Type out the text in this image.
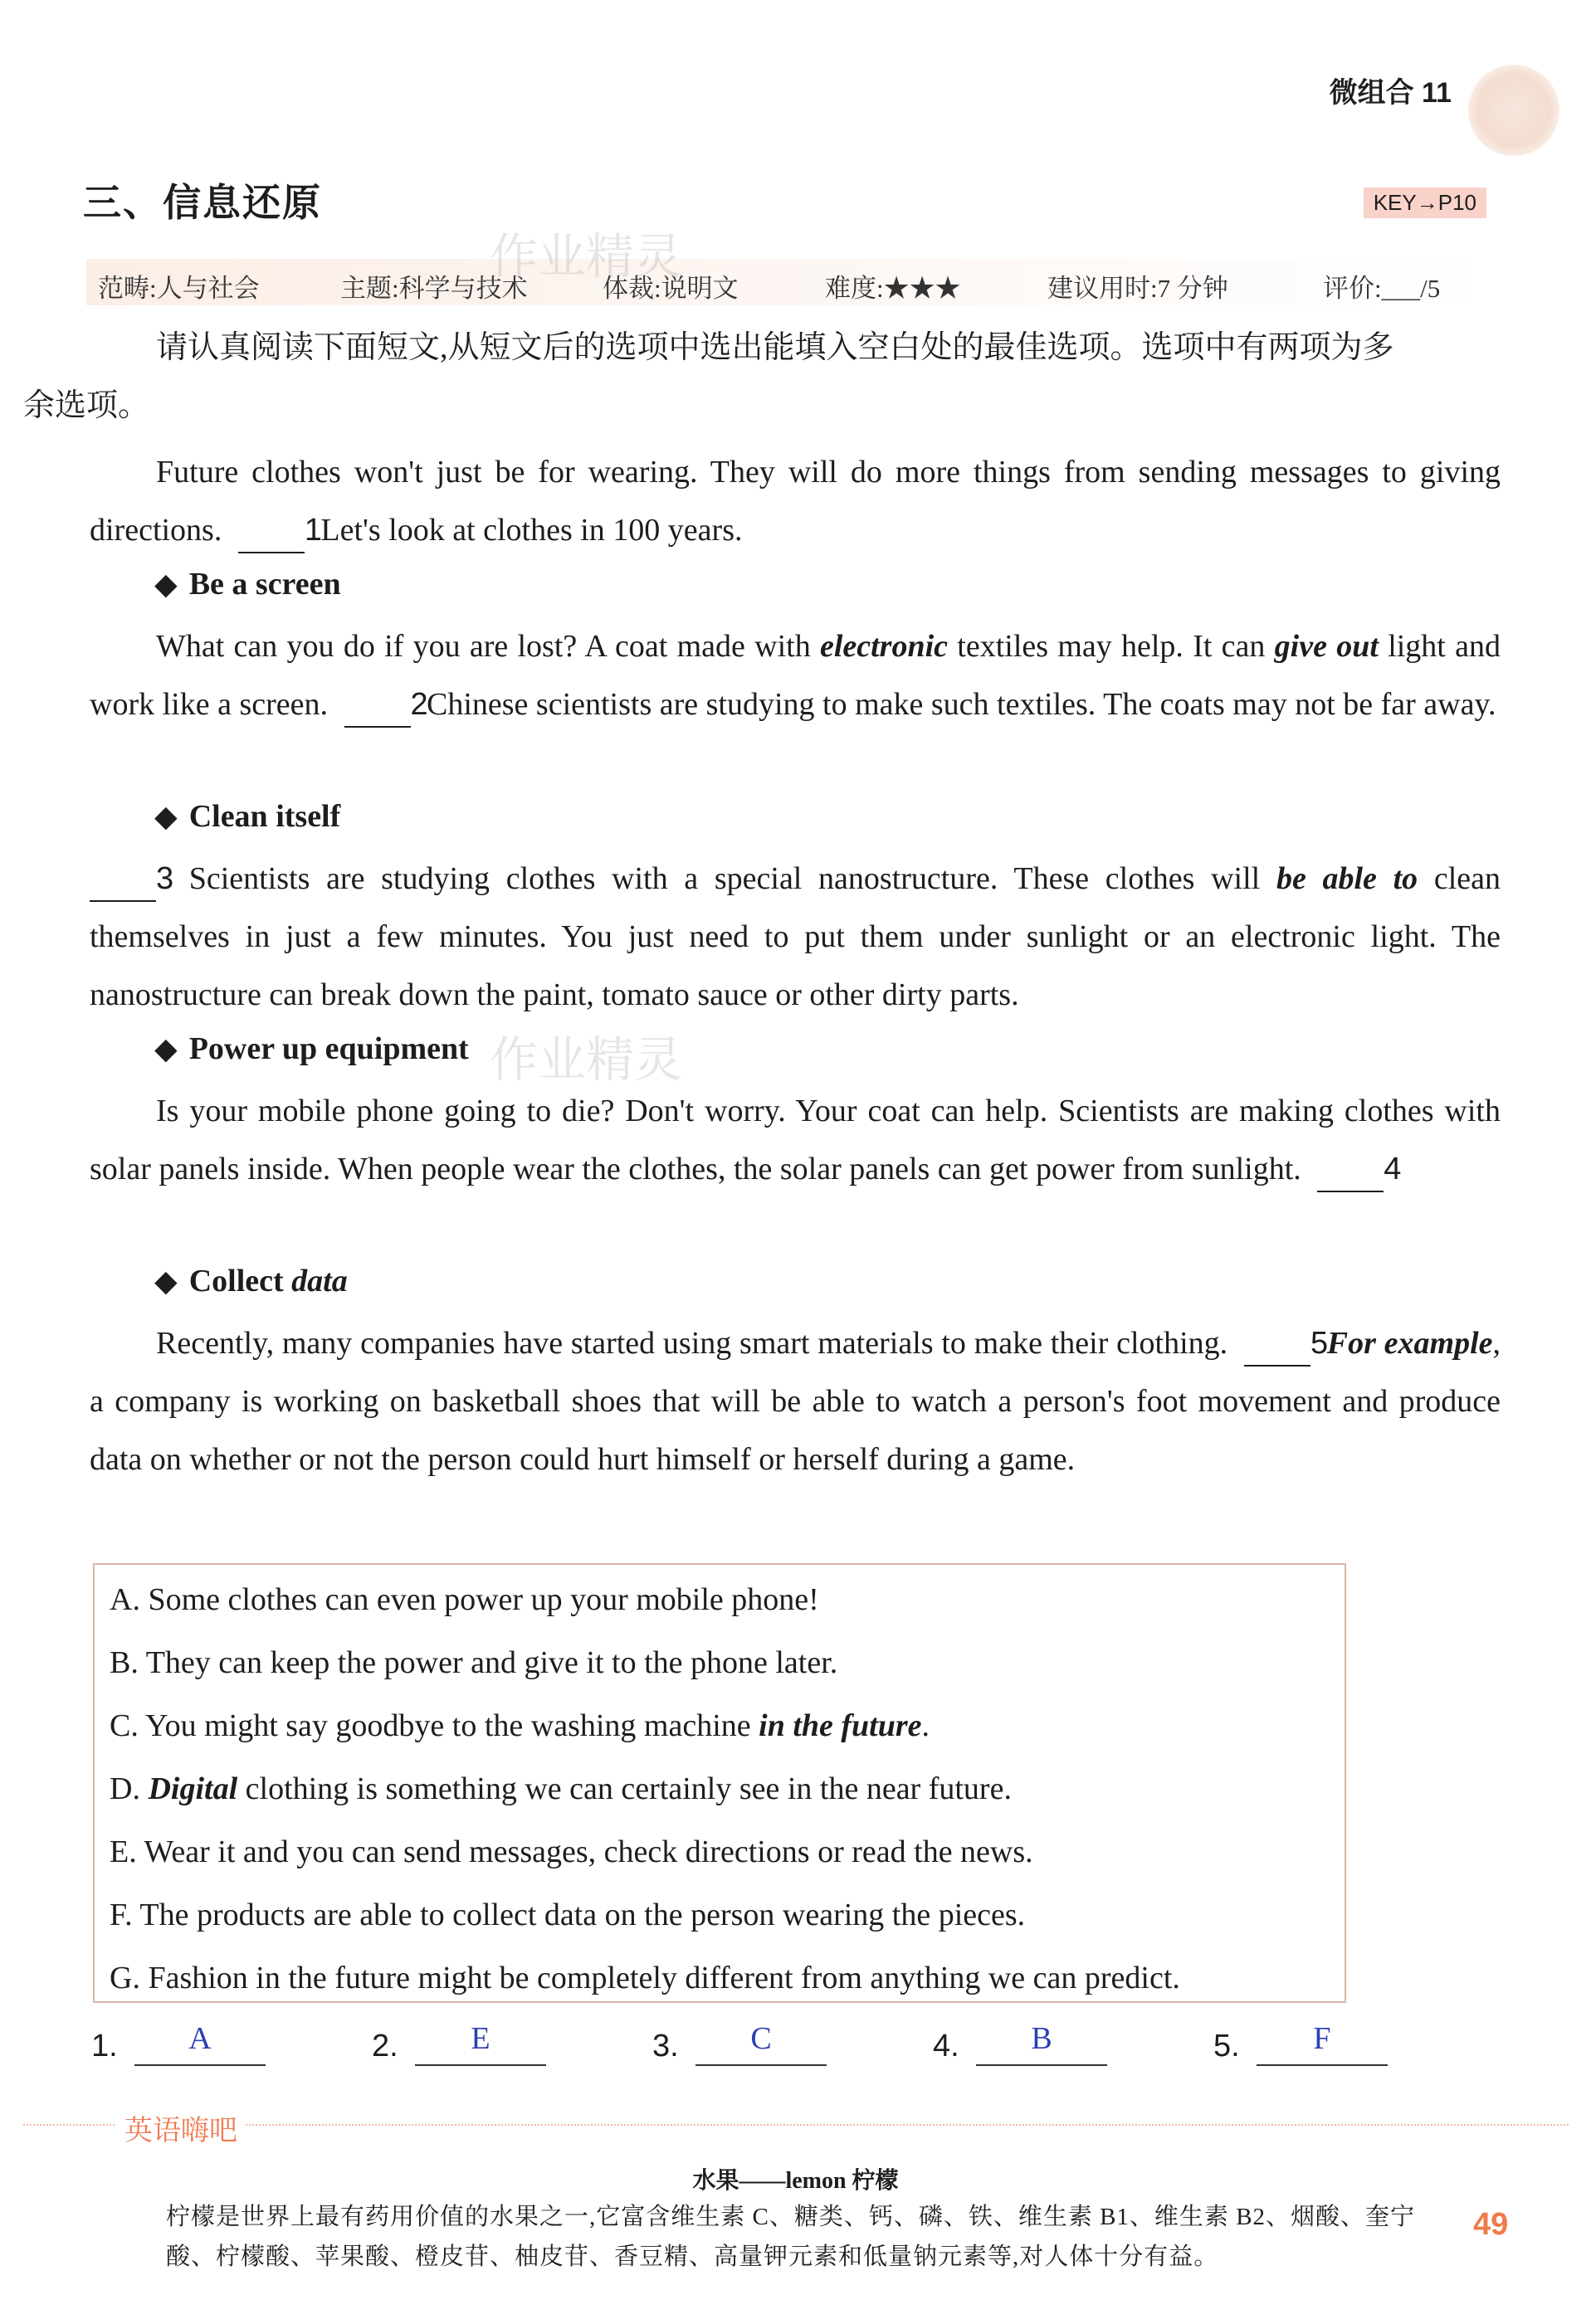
微组合 11
三、信息还原	KEY→P10
范畴:人与社会	主题:科学与技术	体裁:说明文	难度:★★★	建议用时:7 分钟	评价:___/5
作业精灵
作业精灵
请认真阅读下面短文,从短文后的选项中选出能填入空白处的最佳选项。选项中有两项为多
余选项。
Future clothes won't just be for wearing. They will do more things from sending messages to giving directions.	1 Let's look at clothes in 100 years.
◆ Be a screen
What can you do if you are lost? A coat made with electronic textiles may help. It can give out light and work like a screen.	2 Chinese scientists are studying to make such textiles. The coats may not be far away.
◆ Clean itself
3 Scientists are studying clothes with a special nanostructure. These clothes will be able to clean themselves in just a few minutes. You just need to put them under sunlight or an electronic light. The nanostructure can break down the paint, tomato sauce or other dirty parts.
◆ Power up equipment
Is your mobile phone going to die? Don't worry. Your coat can help. Scientists are making clothes with solar panels inside. When people wear the clothes, the solar panels can get power from sunlight.	4
◆ Collect data
Recently, many companies have started using smart materials to make their clothing.	5 For example, a company is working on basketball shoes that will be able to watch a person's foot movement and produce data on whether or not the person could hurt himself or herself during a game.
A. Some clothes can even power up your mobile phone!
B. They can keep the power and give it to the phone later.
C. You might say goodbye to the washing machine in the future.
D. Digital clothing is something we can certainly see in the near future.
E. Wear it and you can send messages, check directions or read the news.
F. The products are able to collect data on the person wearing the pieces.
G. Fashion in the future might be completely different from anything we can predict.
1.	A	2.	E	3.	C	4.	B	5.	F
英语嗨吧
水果——lemon 柠檬
柠檬是世界上最有药用价值的水果之一,它富含维生素 C、糖类、钙、磷、铁、维生素 B1、维生素 B2、烟酸、奎宁酸、柠檬酸、苹果酸、橙皮苷、柚皮苷、香豆精、高量钾元素和低量钠元素等,对人体十分有益。
49
